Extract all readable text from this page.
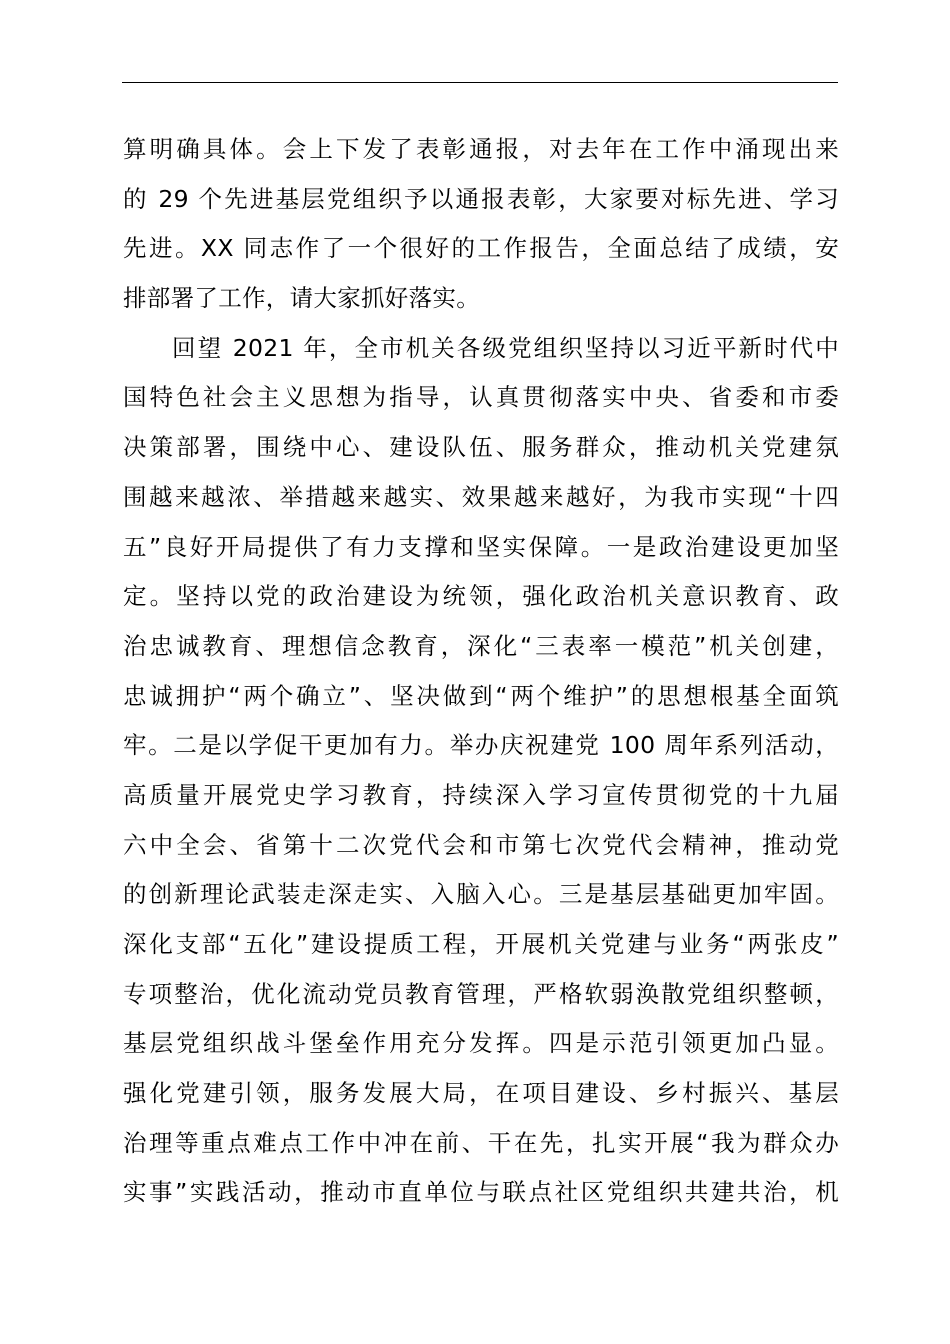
算明确具体。会上下发了表彰通报，对去年在工作中涌现出来
的 29 个先进基层党组织予以通报表彰，大家要对标先进、学习
先进。XX 同志作了一个很好的工作报告，全面总结了成绩，安
排部署了工作，请大家抓好落实。
回望 2021 年，全市机关各级党组织坚持以习近平新时代中
国特色社会主义思想为指导，认真贯彻落实中央、省委和市委
决策部署，围绕中心、建设队伍、服务群众，推动机关党建氛
围越来越浓、举措越来越实、效果越来越好，为我市实现“十四
五”良好开局提供了有力支撑和坚实保障。一是政治建设更加坚
定。坚持以党的政治建设为统领，强化政治机关意识教育、政
治忠诚教育、理想信念教育，深化“三表率一模范”机关创建，
忠诚拥护“两个确立”、坚决做到“两个维护”的思想根基全面筑
牢。二是以学促干更加有力。举办庆祝建党 100 周年系列活动，
高质量开展党史学习教育，持续深入学习宣传贯彻党的十九届
六中全会、省第十二次党代会和市第七次党代会精神，推动党
的创新理论武装走深走实、入脑入心。三是基层基础更加牢固。
深化支部“五化”建设提质工程，开展机关党建与业务“两张皮”
专项整治，优化流动党员教育管理，严格软弱涣散党组织整顿，
基层党组织战斗堡垒作用充分发挥。四是示范引领更加凸显。
强化党建引领，服务发展大局，在项目建设、乡村振兴、基层
治理等重点难点工作中冲在前、干在先，扎实开展“我为群众办
实事”实践活动，推动市直单位与联点社区党组织共建共治，机
